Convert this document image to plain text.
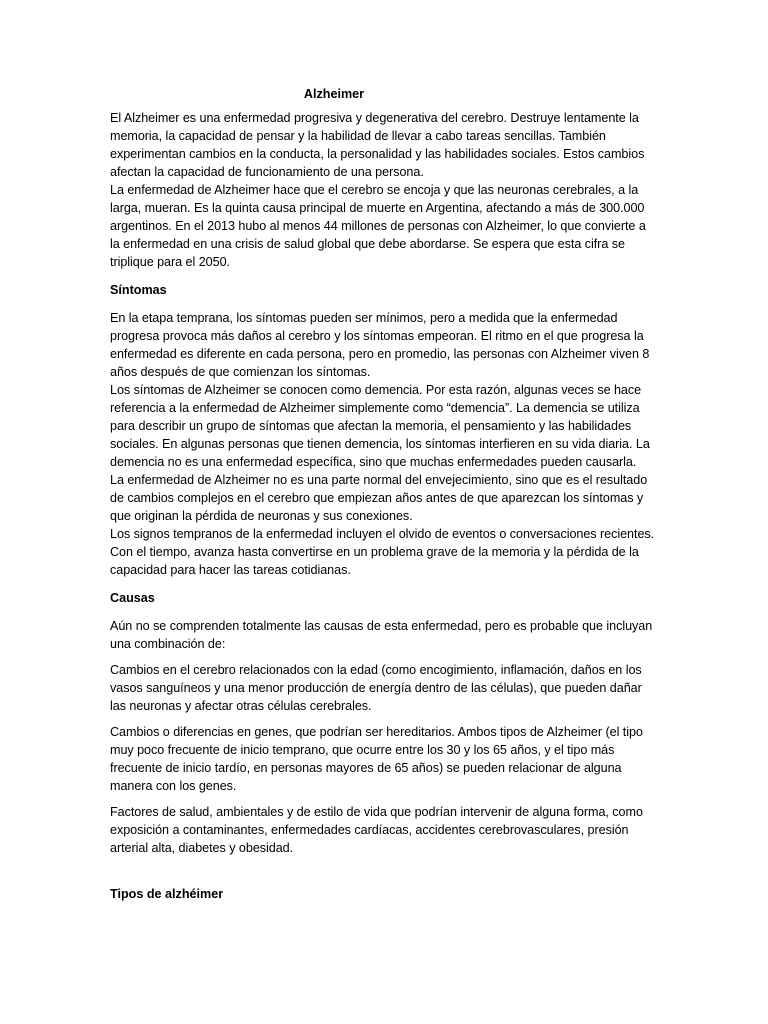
Alzheimer

El Alzheimer es una enfermedad progresiva y degenerativa del cerebro. Destruye lentamente la memoria, la capacidad de pensar y la habilidad de llevar a cabo tareas sencillas. También experimentan cambios en la conducta, la personalidad y las habilidades sociales. Estos cambios afectan la capacidad de funcionamiento de una persona.

La enfermedad de Alzheimer hace que el cerebro se encoja y que las neuronas cerebrales, a la larga, mueran. Es la quinta causa principal de muerte en Argentina, afectando a más de 300.000 argentinos. En el 2013 hubo al menos 44 millones de personas con Alzheimer, lo que convierte a la enfermedad en una crisis de salud global que debe abordarse. Se espera que esta cifra se triplique para el 2050.

Síntomas

En la etapa temprana, los síntomas pueden ser mínimos, pero a medida que la enfermedad progresa provoca más daños al cerebro y los síntomas empeoran. El ritmo en el que progresa la enfermedad es diferente en cada persona, pero en promedio, las personas con Alzheimer viven 8 años después de que comienzan los síntomas.

Los síntomas de Alzheimer se conocen como demencia. Por esta razón, algunas veces se hace referencia a la enfermedad de Alzheimer simplemente como “demencia”. La demencia se utiliza para describir un grupo de síntomas que afectan la memoria, el pensamiento y las habilidades sociales. En algunas personas que tienen demencia, los síntomas interfieren en su vida diaria. La demencia no es una enfermedad específica, sino que muchas enfermedades pueden causarla.

La enfermedad de Alzheimer no es una parte normal del envejecimiento, sino que es el resultado de cambios complejos en el cerebro que empiezan años antes de que aparezcan los síntomas y que originan la pérdida de neuronas y sus conexiones.

Los signos tempranos de la enfermedad incluyen el olvido de eventos o conversaciones recientes. Con el tiempo, avanza hasta convertirse en un problema grave de la memoria y la pérdida de la capacidad para hacer las tareas cotidianas.

Causas

Aún no se comprenden totalmente las causas de esta enfermedad, pero es probable que incluyan una combinación de:

Cambios en el cerebro relacionados con la edad (como encogimiento, inflamación, daños en los vasos sanguíneos y una menor producción de energía dentro de las células), que pueden dañar las neuronas y afectar otras células cerebrales.

Cambios o diferencias en genes, que podrían ser hereditarios. Ambos tipos de Alzheimer (el tipo muy poco frecuente de inicio temprano, que ocurre entre los 30 y los 65 años, y el tipo más frecuente de inicio tardío, en personas mayores de 65 años) se pueden relacionar de alguna manera con los genes.

Factores de salud, ambientales y de estilo de vida que podrían intervenir de alguna forma, como exposición a contaminantes, enfermedades cardíacas, accidentes cerebrovasculares, presión arterial alta, diabetes y obesidad.

Tipos de alzhéimer
